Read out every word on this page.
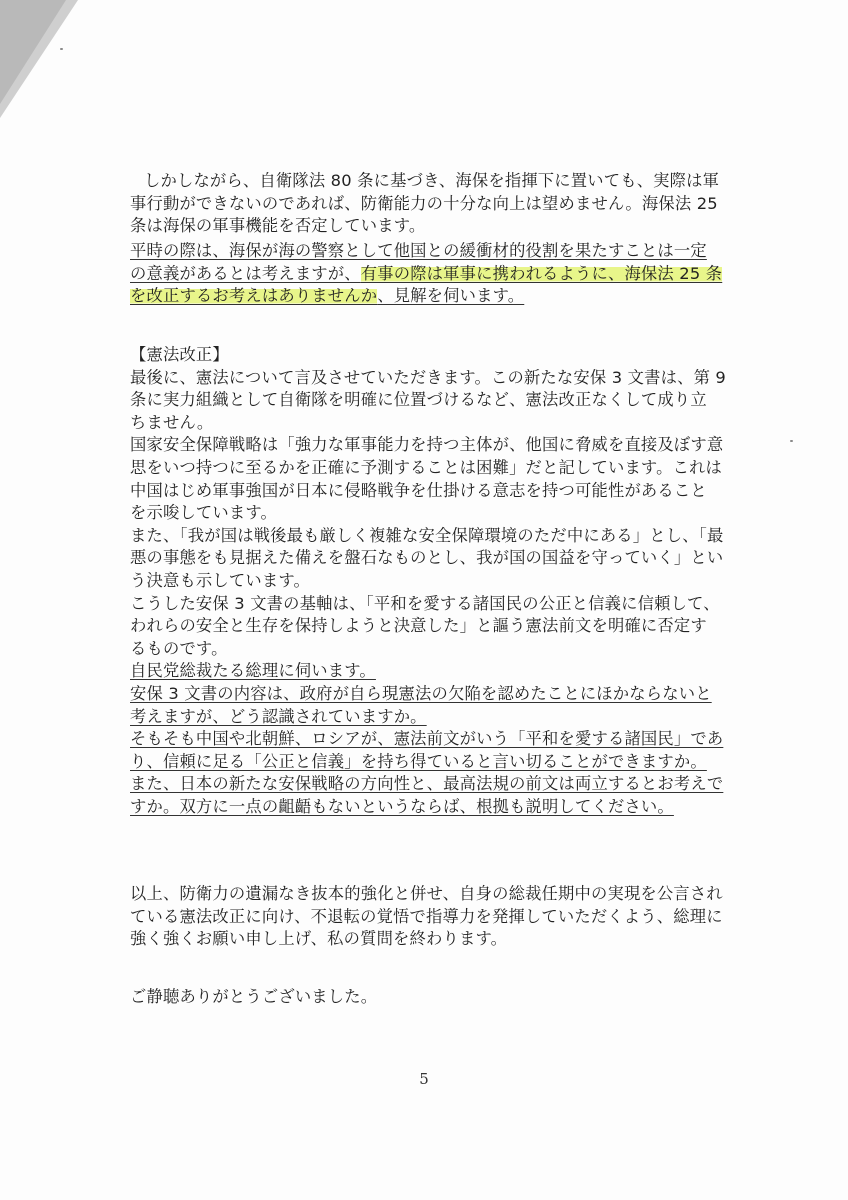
しかしながら、自衛隊法 80 条に基づき、海保を指揮下に置いても、実際は軍
事行動ができないのであれば、防衛能力の十分な向上は望めません。海保法 25
条は海保の軍事機能を否定しています。
平時の際は、海保が海の警察として他国との緩衝材的役割を果たすことは一定
の意義があるとは考えますが、有事の際は軍事に携われるように、海保法 25 条
を改正するお考えはありませんか、見解を伺います。
【憲法改正】
最後に、憲法について言及させていただきます。この新たな安保 3 文書は、第 9
条に実力組織として自衛隊を明確に位置づけるなど、憲法改正なくして成り立
ちません。
国家安全保障戦略は「強力な軍事能力を持つ主体が、他国に脅威を直接及ぼす意
思をいつ持つに至るかを正確に予測することは困難」だと記しています。これは
中国はじめ軍事強国が日本に侵略戦争を仕掛ける意志を持つ可能性があること
を示唆しています。
また、「我が国は戦後最も厳しく複雑な安全保障環境のただ中にある」とし、「最
悪の事態をも見据えた備えを盤石なものとし、我が国の国益を守っていく」とい
う決意も示しています。
こうした安保 3 文書の基軸は、「平和を愛する諸国民の公正と信義に信頼して、
われらの安全と生存を保持しようと決意した」と謳う憲法前文を明確に否定す
るものです。
自民党総裁たる総理に伺います。
安保 3 文書の内容は、政府が自ら現憲法の欠陥を認めたことにほかならないと
考えますが、どう認識されていますか。
そもそも中国や北朝鮮、ロシアが、憲法前文がいう「平和を愛する諸国民」であ
り、信頼に足る「公正と信義」を持ち得ていると言い切ることができますか。
また、日本の新たな安保戦略の方向性と、最高法規の前文は両立するとお考えで
すか。双方に一点の齟齬もないというならば、根拠も説明してください。
以上、防衛力の遺漏なき抜本的強化と併せ、自身の総裁任期中の実現を公言され
ている憲法改正に向け、不退転の覚悟で指導力を発揮していただくよう、総理に
強く強くお願い申し上げ、私の質問を終わります。
ご静聴ありがとうございました。
5
